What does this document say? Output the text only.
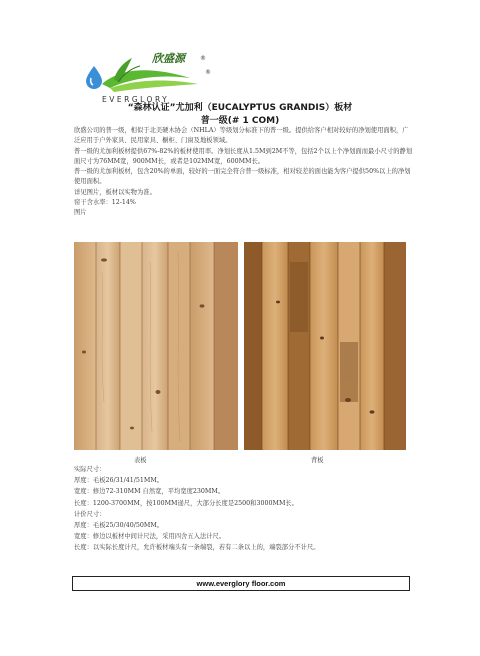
欣盛源	®
®
EVERGLORY
“森林认证”尤加利（EUCALYPTUS GRANDIS）板材
普一级(# 1 COM)

欣盛公司的普一级，相似于北美硬木协会（NHLA）等级划分标准下的普一级。提供给客户相对较好的净划使用面积，广泛应用于户外家具、民用家具、橱柜、门窗及地板领域。

普一级的尤加利板材提供67%-82%的板材使用率。净划长度从1.5M到2M不等，包括2个以上个净划面而最小尺寸的静划面尺寸为76MM宽，900MM长，或者是102MM宽，600MM长。

普一级的尤加利板材，包含20%的单面，较好的一面完全符合普一级标准，相对较差的面也能为客户提供50%以上的净划使用面积。

详见图片，板材以实物为准。

窑干含水率：12-14%

图片

表板	背板

实际尺寸：

厚度：毛板26/31/41/51MM。

宽度：修边72-310MM 自然宽，平均宽度230MM。

长度：1200-3700MM，按100MM递尺，大部分长度是2500和3000MM长。

计价尺寸：

厚度：毛板25/30/40/50MM。

宽度：修边以板材中间计尺法，采用四舍五入法计尺。

长度：以实际长度计尺，允许板材端头有一条端裂，若有二条以上的，端裂部分不计尺。

www.everglory floor.com
